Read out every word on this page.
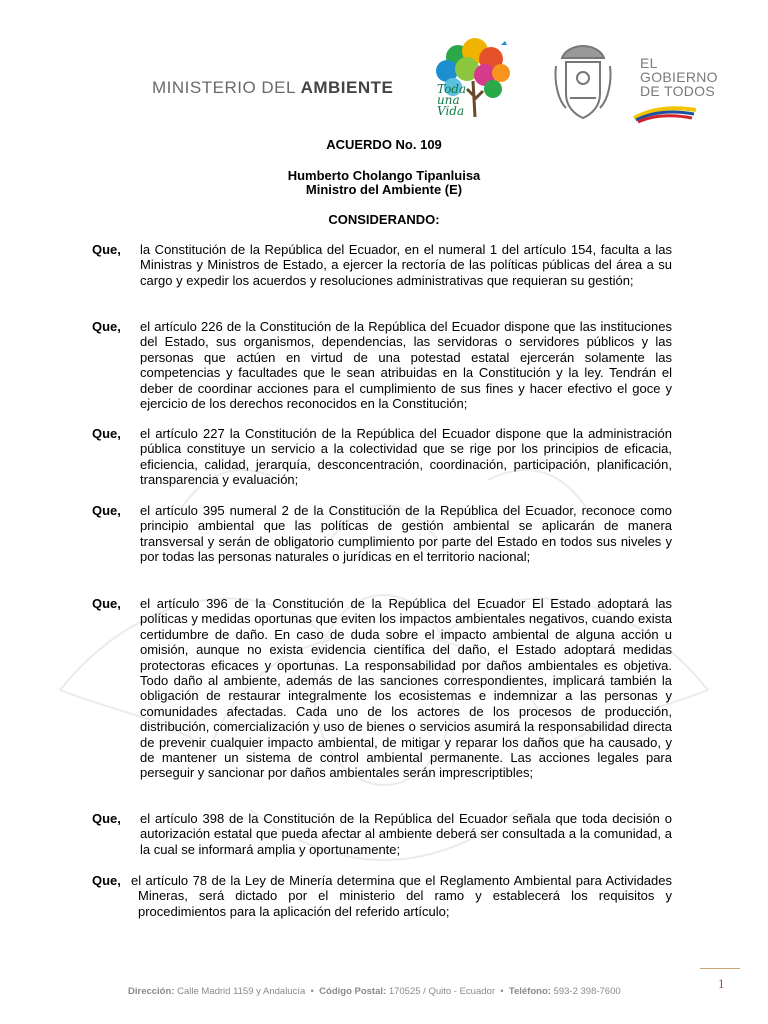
MINISTERIO DEL AMBIENTE	Toda
una
Vida
EL
GOBIERNO
DE TODOS
ACUERDO No. 109
Humberto Cholango Tipanluisa
Ministro del Ambiente (E)
CONSIDERANDO:
Que, la Constitución de la República del Ecuador, en el numeral 1 del artículo 154, faculta a las Ministras y Ministros de Estado, a ejercer la rectoría de las políticas públicas del área a su cargo y expedir los acuerdos y resoluciones administrativas que requieran su gestión;
Que, el artículo 226 de la Constitución de la República del Ecuador dispone que las instituciones del Estado, sus organismos, dependencias, las servidoras o servidores públicos y las personas que actúen en virtud de una potestad estatal ejercerán solamente las competencias y facultades que le sean atribuidas en la Constitución y la ley. Tendrán el deber de coordinar acciones para el cumplimiento de sus fines y hacer efectivo el goce y ejercicio de los derechos reconocidos en la Constitución;
Que, el artículo 227 la Constitución de la República del Ecuador dispone que la administración pública constituye un servicio a la colectividad que se rige por los principios de eficacia, eficiencia, calidad, jerarquía, desconcentración, coordinación, participación, planificación, transparencia y evaluación;
Que, el artículo 395 numeral 2 de la Constitución de la República del Ecuador, reconoce como principio ambiental que las políticas de gestión ambiental se aplicarán de manera transversal y serán de obligatorio cumplimiento por parte del Estado en todos sus niveles y por todas las personas naturales o jurídicas en el territorio nacional;
Que, el artículo 396 de la Constitución de la República del Ecuador El Estado adoptará las políticas y medidas oportunas que eviten los impactos ambientales negativos, cuando exista certidumbre de daño. En caso de duda sobre el impacto ambiental de alguna acción u omisión, aunque no exista evidencia científica del daño, el Estado adoptará medidas protectoras eficaces y oportunas. La responsabilidad por daños ambientales es objetiva. Todo daño al ambiente, además de las sanciones correspondientes, implicará también la obligación de restaurar integralmente los ecosistemas e indemnizar a las personas y comunidades afectadas. Cada uno de los actores de los procesos de producción, distribución, comercialización y uso de bienes o servicios asumirá la responsabilidad directa de prevenir cualquier impacto ambiental, de mitigar y reparar los daños que ha causado, y de mantener un sistema de control ambiental permanente. Las acciones legales para perseguir y sancionar por daños ambientales serán imprescriptibles;
Que, el artículo 398 de la Constitución de la República del Ecuador señala que toda decisión o autorización estatal que pueda afectar al ambiente deberá ser consultada a la comunidad, a la cual se informará amplia y oportunamente;
Que, el artículo 78 de la Ley de Minería determina que el Reglamento Ambiental para Actividades Mineras, será dictado por el ministerio del ramo y establecerá los requisitos y procedimientos para la aplicación del referido artículo;
1
Dirección: Calle Madrid 1159 y Andalucía  •  Código Postal: 170525 / Quito - Ecuador  •  Teléfono: 593-2 398-7600
